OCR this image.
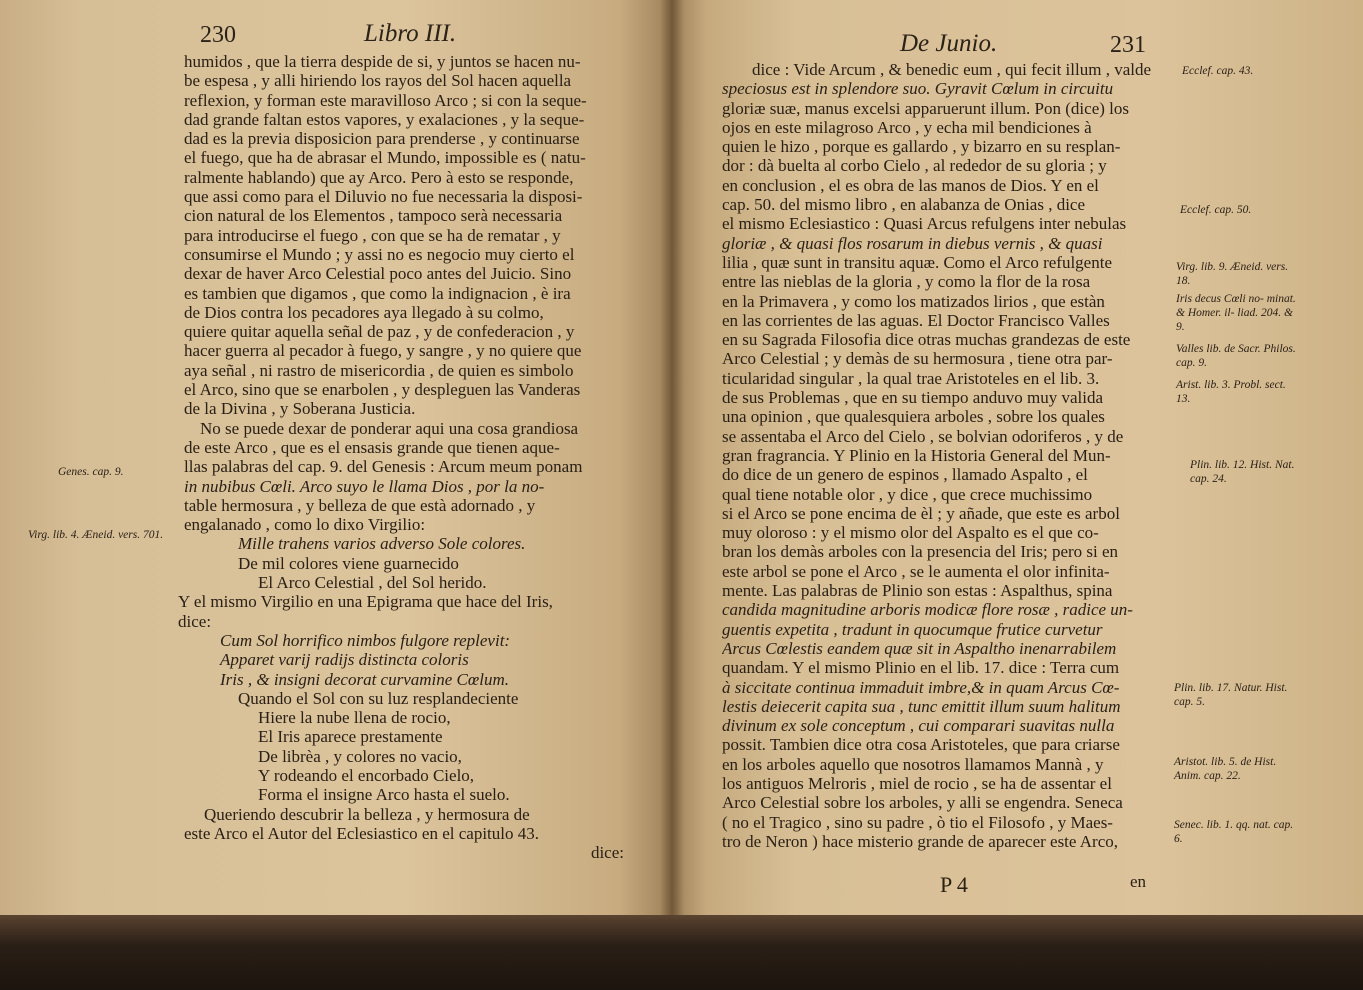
230	Libro III.
humidos , que la tierra despide de si, y juntos se hacen nu-
be espesa , y alli hiriendo los rayos del Sol hacen aquella
reflexion, y forman este maravilloso Arco ; si con la seque-
dad grande faltan estos vapores, y exalaciones , y la seque-
dad es la previa disposicion para prenderse , y continuarse
el fuego, que ha de abrasar el Mundo, impossible es ( natu-
ralmente hablando) que ay Arco. Pero à esto se responde,
que assi como para el Diluvio no fue necessaria la disposi-
cion natural de los Elementos , tampoco serà necessaria
para introducirse el fuego , con que se ha de rematar , y
consumirse el Mundo ; y assi no es negocio muy cierto el
dexar de haver Arco Celestial poco antes del Juicio. Sino
es tambien que digamos , que como la indignacion , è ira
de Dios contra los pecadores aya llegado à su colmo,
quiere quitar aquella señal de paz , y de confederacion , y
hacer guerra al pecador à fuego, y sangre , y no quiere que
aya señal , ni rastro de misericordia , de quien es simbolo
el Arco, sino que se enarbolen , y despleguen las Vanderas
de la Divina , y Soberana Justicia.
No se puede dexar de ponderar aqui una cosa grandiosa
de este Arco , que es el ensasis grande que tienen aque-
llas palabras del cap. 9. del Genesis : Arcum meum ponam
in nubibus Cœli. Arco suyo le llama Dios , por la no-
table hermosura , y belleza de que està adornado , y
engalanado , como lo dixo Virgilio:
Mille trahens varios adverso Sole colores.
De mil colores viene guarnecido
El Arco Celestial , del Sol herido.
Y el mismo Virgilio en una Epigrama que hace del Iris,
dice:
Cum Sol horrifico nimbos fulgore replevit:
Apparet varij radijs distincta coloris
Iris , & insigni decorat curvamine Cœlum.
Quando el Sol con su luz resplandeciente
Hiere la nube llena de rocio,
El Iris aparece prestamente
De librèa , y colores no vacio,
Y rodeando el encorbado Cielo,
Forma el insigne Arco hasta el suelo.
Queriendo descubrir la belleza , y hermosura de
este Arco el Autor del Eclesiastico en el capitulo 43.
dice:
Genes. cap. 9.
Virg. lib. 4. Æneid. vers. 701.
De Junio.	231
dice : Vide Arcum , & benedic eum , qui fecit illum , valde
speciosus est in splendore suo. Gyravit Cœlum in circuitu
gloriæ suæ, manus excelsi apparuerunt illum. Pon (dice) los
ojos en este milagroso Arco , y echa mil bendiciones à
quien le hizo , porque es gallardo , y bizarro en su resplan-
dor : dà buelta al corbo Cielo , al rededor de su gloria ; y
en conclusion , el es obra de las manos de Dios. Y en el
cap. 50. del mismo libro , en alabanza de Onias , dice
el mismo Eclesiastico : Quasi Arcus refulgens inter nebulas
gloriæ , & quasi flos rosarum in diebus vernis , & quasi
lilia , quæ sunt in transitu aquæ. Como el Arco refulgente
entre las nieblas de la gloria , y como la flor de la rosa
en la Primavera , y como los matizados lirios , que estàn
en las corrientes de las aguas. El Doctor Francisco Valles
en su Sagrada Filosofia dice otras muchas grandezas de este
Arco Celestial ; y demàs de su hermosura , tiene otra par-
ticularidad singular , la qual trae Aristoteles en el lib. 3.
de sus Problemas , que en su tiempo anduvo muy valida
una opinion , que qualesquiera arboles , sobre los quales
se assentaba el Arco del Cielo , se bolvian odoriferos , y de
gran fragrancia. Y Plinio en la Historia General del Mun-
do dice de un genero de espinos , llamado Aspalto , el
qual tiene notable olor , y dice , que crece muchissimo
si el Arco se pone encima de èl ; y añade, que este es arbol
muy oloroso : y el mismo olor del Aspalto es el que co-
bran los demàs arboles con la presencia del Iris; pero si en
este arbol se pone el Arco , se le aumenta el olor infinita-
mente. Las palabras de Plinio son estas : Aspalthus, spina
candida magnitudine arboris modicæ flore rosæ , radice un-
guentis expetita , tradunt in quocumque frutice curvetur
Arcus Cœlestis eandem quæ sit in Aspaltho inenarrabilem
quandam. Y el mismo Plinio en el lib. 17. dice : Terra cum
à siccitate continua immaduit imbre,& in quam Arcus Cœ-
lestis deiecerit capita sua , tunc emittit illum suum halitum
divinum ex sole conceptum , cui comparari suavitas nulla
possit. Tambien dice otra cosa Aristoteles, que para criarse
en los arboles aquello que nosotros llamamos Mannà , y
los antiguos Melroris , miel de rocio , se ha de assentar el
Arco Celestial sobre los arboles, y alli se engendra. Seneca
( no el Tragico , sino su padre , ò tio el Filosofo , y Maes-
tro de Neron ) hace misterio grande de aparecer este Arco,
Ecclef. cap. 43.
Ecclef. cap. 50.
Virg. lib. 9. Æneid. vers. 18.
Iris decus Cœli no- minat. & Homer. il- liad. 204. & 9.
Valles lib. de Sacr. Philos. cap. 9.
Arist. lib. 3. Probl. sect. 13.
Plin. lib. 12. Hist. Nat. cap. 24.
Plin. lib. 17. Natur. Hist. cap. 5.
Aristot. lib. 5. de Hist. Anim. cap. 22.
Senec. lib. 1. qq. nat. cap. 6.
P 4	en
